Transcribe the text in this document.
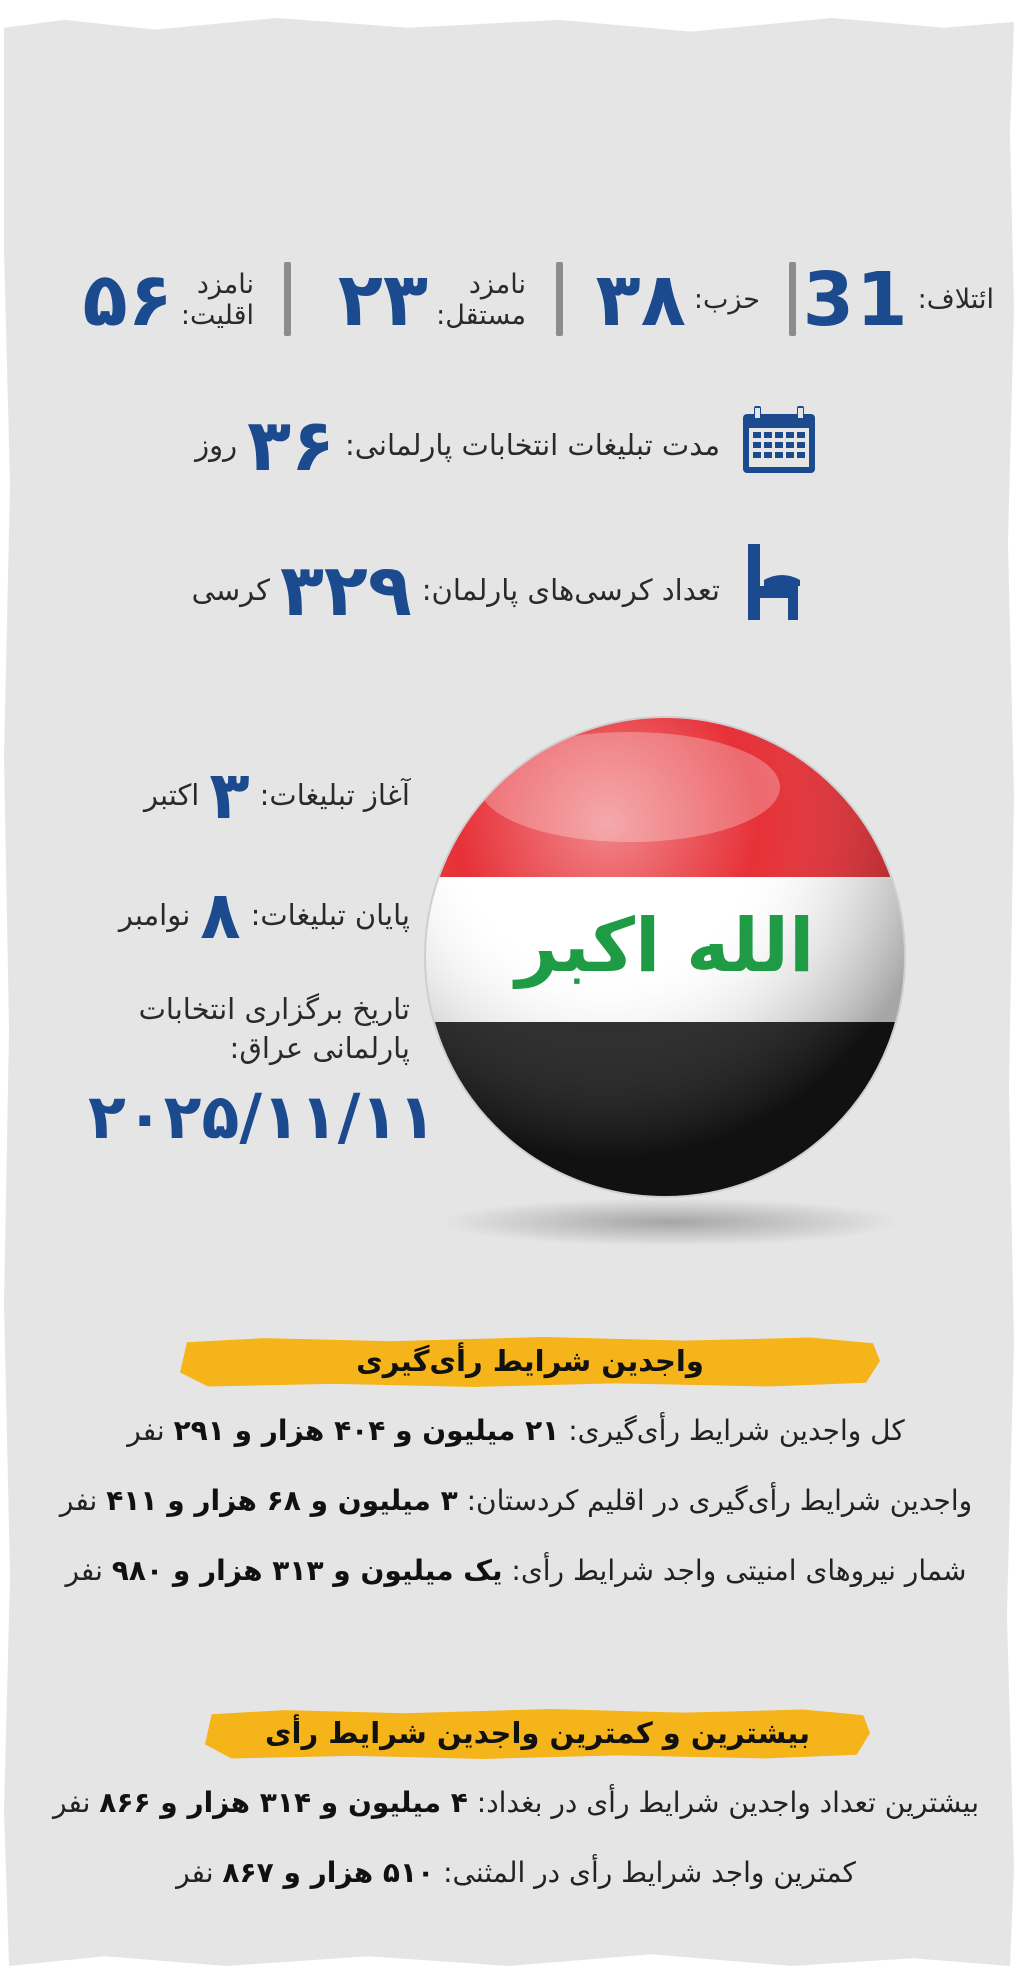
ائتلاف:
31
حزب:
۳۸
نامزد
مستقل:
۲۳
نامزد
اقلیت:
۵۶
مدت تبلیغات انتخابات پارلمانی:
۳۶
روز
تعداد کرسی‌های پارلمان:
۳۲۹
کرسی
آغاز تبلیغات:
۳
اکتبر
پایان تبلیغات:
۸
نوامبر
تاریخ برگزاری انتخابات
پارلمانی عراق:
۲۰۲۵/۱۱/۱۱
الله اكبر
واجدین شرایط رأی‌گیری
کل واجدین شرایط رأی‌گیری: ۲۱ میلیون و ۴۰۴ هزار و ۲۹۱ نفر
واجدین شرایط رأی‌گیری در اقلیم کردستان: ۳ میلیون و ۶۸ هزار و ۴۱۱ نفر
شمار نیروهای امنیتی واجد شرایط رأی: یک میلیون و ۳۱۳ هزار و ۹۸۰ نفر
بیشترین و کمترین واجدین شرایط رأی
بیشترین تعداد واجدین شرایط رأی در بغداد: ۴ میلیون و ۳۱۴ هزار و ۸۶۶ نفر
کمترین واجد شرایط رأی در المثنی: ۵۱۰ هزار و ۸۶۷ نفر
